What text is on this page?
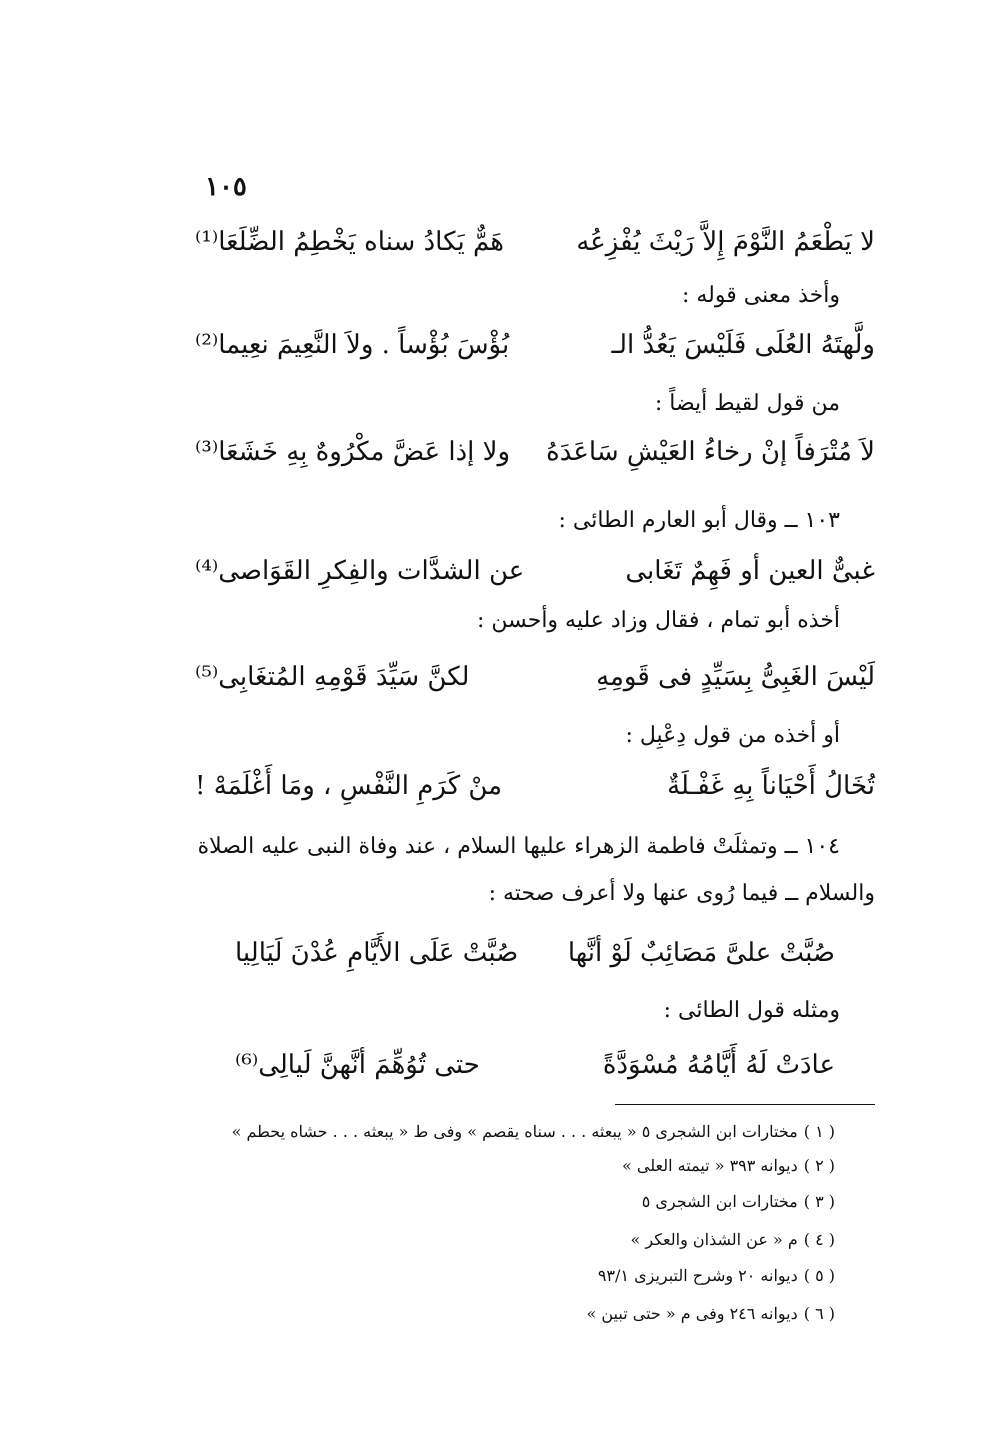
١٠٥
لا يَطْعَمُ النَّوْمَ إِلاَّ رَيْثَ يُفْزِعُه
هَمٌّ يَكادُ سناه يَخْطِمُ الضِّلَعَا⁽¹⁾
وأخذ معنى قوله :
ولَّهتَهُ العُلَى فَلَيْسَ يَعُدُّ الـ
بُؤْسَ بُؤْساً . ولاَ النَّعِيمَ نعِيما⁽²⁾
من قول لقيط أيضاً :
لاَ مُتْرَفاً إنْ رخاءُ العَيْشِ سَاعَدَهُ
ولا إذا عَضَّ مكْرُوهٌ بِهِ خَشَعَا⁽³⁾
١٠٣ ــ وقال أبو العارم الطائى :
غبىٌّ العين أو فَهِمٌ تَغَابى
عن الشدَّات والفِكرِ القَوَاصى⁽⁴⁾
أخذه أبو تمام ، فقال وزاد عليه وأحسن :
لَيْسَ الغَبِىُّ بِسَيِّدٍ فى قَومِهِ
لكنَّ سَيِّدَ قَوْمِهِ المُتغَابِى⁽⁵⁾
أو أخذه من قول دِعْبِل :
تُخَالُ أَحْيَاناً بِهِ غَفْـلَةٌ
منْ كَرَمِ النَّفْسِ ، ومَا أَغْلَمَهْ !
١٠٤ ــ وتمثلَتْ فاطمة الزهراء عليها السلام ، عند وفاة النبى عليه الصلاة
والسلام ــ فيما رُوى عنها ولا أعرف صحته :
صُبَّتْ علىَّ مَصَائِبٌ لَوْ أنَّها
صُبَّتْ عَلَى الأَيَّامِ عُدْنَ لَيَالِيا
ومثله قول الطائى :
عادَتْ لَهُ أَيَّامُهُ مُسْوَدَّةً
حتى تُوُهِّمَ أنَّهنَّ لَيالِى⁽⁶⁾
( ١ )مختارات ابن الشجرى ٥ « يبعثه . . . سناه يقصم » وفى ط « يبعثه . . . حشاه يحطم »
( ٢ )ديوانه ٣٩٣ « تيمته العلى »
( ٣ )مختارات ابن الشجرى ٥
( ٤ )م « عن الشذان والعكر »
( ٥ )ديوانه ٢٠ وشرح التبريزى ٩٣/١
( ٦ )ديوانه ٢٤٦ وفى م « حتى تبين »
